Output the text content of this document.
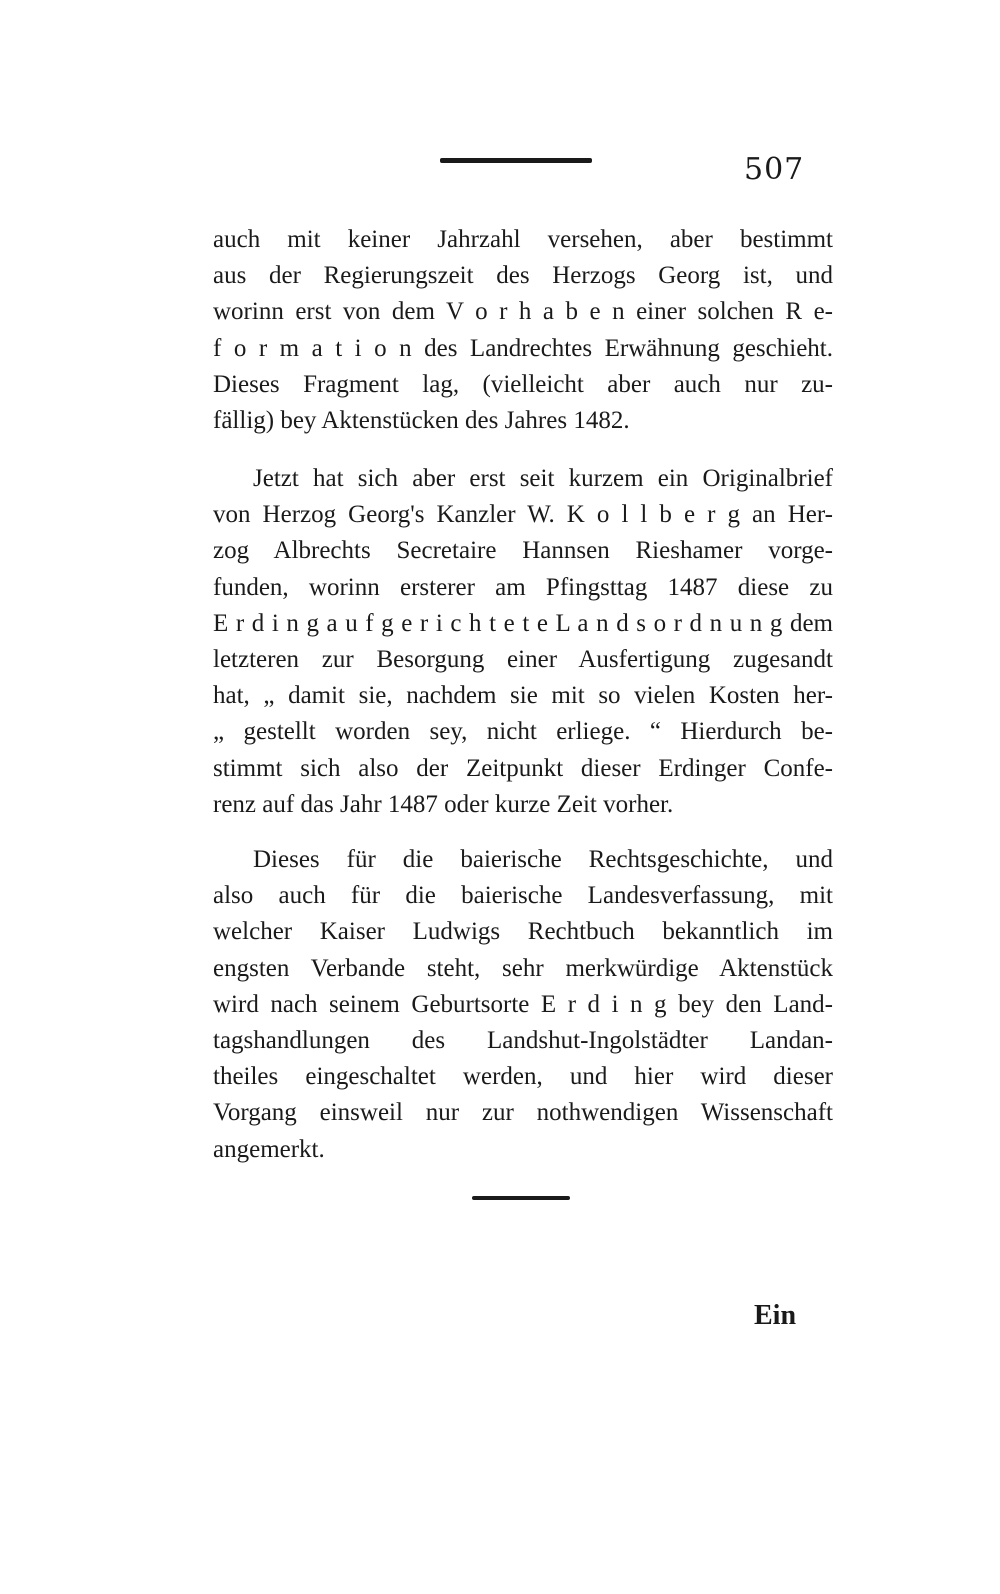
507
auch mit keiner Jahrzahl versehen, aber bestimmt
aus der Regierungszeit des Herzogs Georg ist, und
worinn erst von dem V o r h a b e n einer solchen R e-
f o r m a t i o n des Landrechtes Erwähnung geschieht.
Dieses Fragment lag, (vielleicht aber auch nur zu-
fällig) bey Aktenstücken des Jahres 1482.
Jetzt hat sich aber erst seit kurzem ein Originalbrief
von Herzog Georg's Kanzler W. K o l l b e r g an Her-
zog Albrechts Secretaire Hannsen Rieshamer vorge-
funden, worinn ersterer am Pfingsttag 1487 diese zu
E r d i n g a u f g e r i c h t e t e L a n d s o r d n u n g dem
letzteren zur Besorgung einer Ausfertigung zugesandt
hat, „ damit sie, nachdem sie mit so vielen Kosten her-
„ gestellt worden sey, nicht erliege. “ Hierdurch be-
stimmt sich also der Zeitpunkt dieser Erdinger Confe-
renz auf das Jahr 1487 oder kurze Zeit vorher.
Dieses für die baierische Rechtsgeschichte, und
also auch für die baierische Landesverfassung, mit
welcher Kaiser Ludwigs Rechtbuch bekanntlich im
engsten Verbande steht, sehr merkwürdige Aktenstück
wird nach seinem Geburtsorte E r d i n g bey den Land-
tagshandlungen des Landshut-Ingolstädter Landan-
theiles eingeschaltet werden, und hier wird dieser
Vorgang einsweil nur zur nothwendigen Wissenschaft
angemerkt.
Ein
